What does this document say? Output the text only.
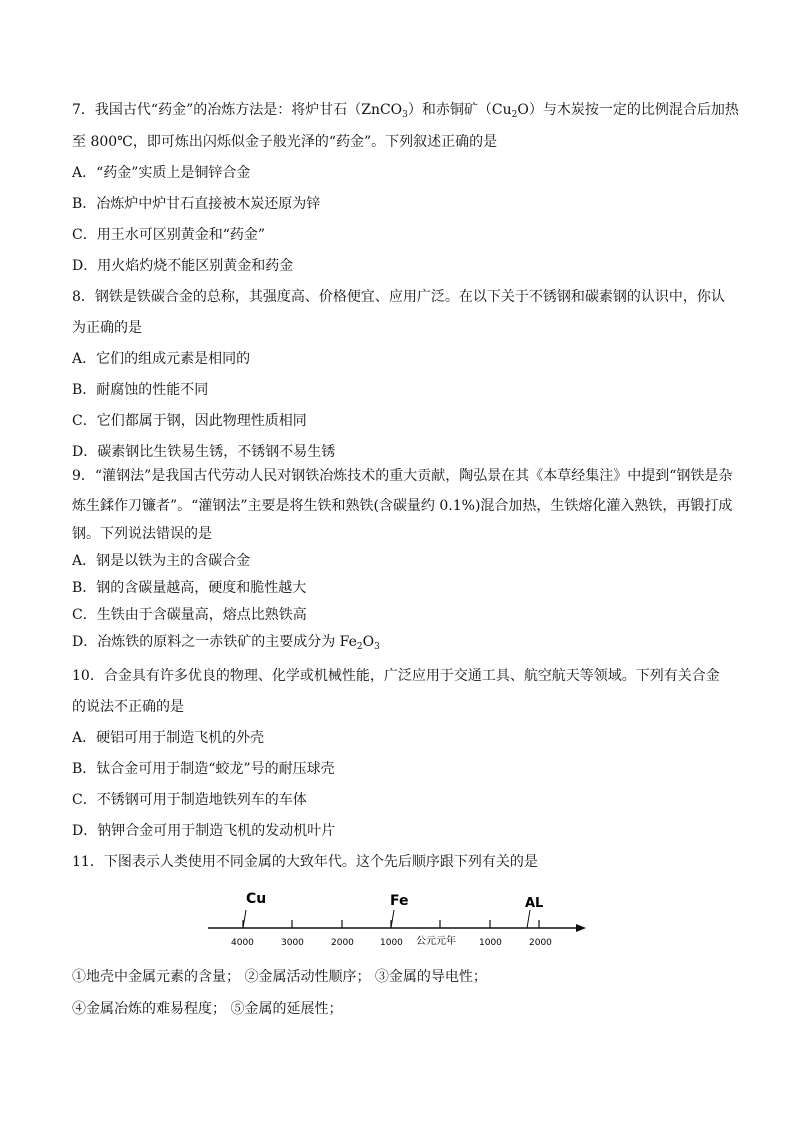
7．我国古代“药金”的冶炼方法是：将炉甘石（ZnCO$_3$）和赤铜矿$(Cu_2O)$与木炭按一定的比例混合后加热
至 800℃，即可炼出闪烁似金子般光泽的“药金”。下列叙述正确的是
A．“药金”实质上是铜锌合金
B．冶炼炉中炉甘石直接被木炭还原为锌
C．用王水可区别黄金和“药金”
D．用火焰灼烧不能区别黄金和药金
8．钢铁是铁碳合金的总称，其强度高、价格便宜、应用广泛。在以下关于不锈钢和碳素钢的认识中，你认
为正确的是
A．它们的组成元素是相同的
B．耐腐蚀的性能不同
C．它们都属于钢，因此物理性质相同
D．碳素钢比生铁易生锈，不锈钢不易生锈
9．“灌钢法”是我国古代劳动人民对钢铁冶炼技术的重大贡献，陶弘景在其《本草经集注》中提到“钢铁是杂
炼生鍒作刀镰者”。“灌钢法”主要是将生铁和熟铁(含碳量约 0.1%)混合加热，生铁熔化灌入熟铁，再锻打成
钢。下列说法错误的是
A．钢是以铁为主的含碳合金
B．钢的含碳量越高，硬度和脆性越大
C．生铁由于含碳量高，熔点比熟铁高
D．冶炼铁的原料之一赤铁矿的主要成分为 $Fe_2O_3$
10．合金具有许多优良的物理、化学或机械性能，广泛应用于交通工具、航空航天等领域。下列有关合金
的说法不正确的是
A．硬铝可用于制造飞机的外壳
B．钛合金可用于制造“蛟龙”号的耐压球壳
C．不锈钢可用于制造地铁列车的车体
D．钠钾合金可用于制造飞机的发动机叶片
11．下图表示人类使用不同金属的大致年代。这个先后顺序跟下列有关的是
Cu	Fe	AL
4000	3000	2000	1000 公元元年	1000	2000
①地壳中金属元素的含量； ②金属活动性顺序； ③金属的导电性；
④金属冶炼的难易程度； ⑤金属的延展性；
